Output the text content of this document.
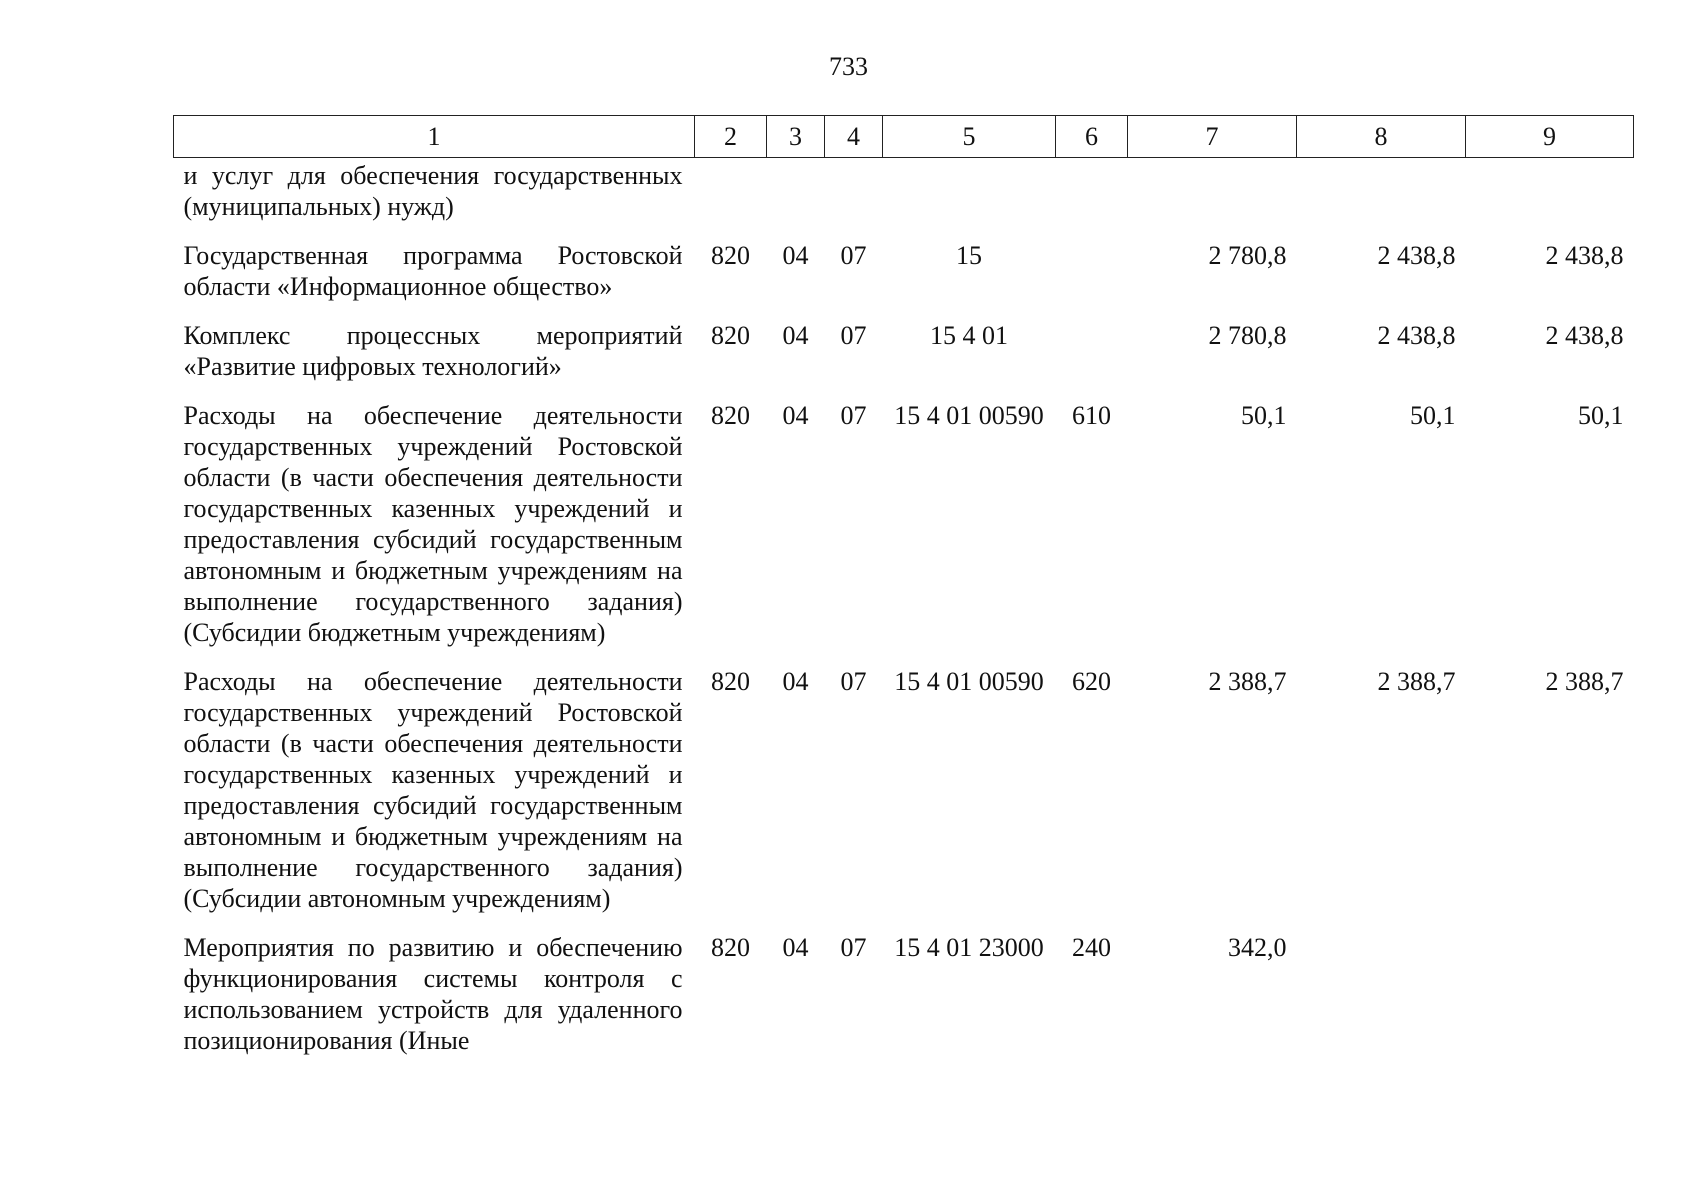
733
1	2	3	4	5	6	7	8	9
и услуг для обеспечения государственных (муниципальных) нужд)								
Государственная программа Ростовской области «Информационное общество»	820	04	07	15		2 780,8	2 438,8	2 438,8
Комплекс процессных мероприятий «Развитие цифровых технологий»	820	04	07	15 4 01		2 780,8	2 438,8	2 438,8
Расходы на обеспечение деятельности государственных учреждений Ростовской области (в части обеспечения деятельности государственных казенных учреждений и предоставления субсидий государственным автономным и бюджетным учреждениям на выполнение государственного задания) (Субсидии бюджетным учреждениям)	820	04	07	15 4 01 00590	610	50,1	50,1	50,1
Расходы на обеспечение деятельности государственных учреждений Ростовской области (в части обеспечения деятельности государственных казенных учреждений и предоставления субсидий государственным автономным и бюджетным учреждениям на выполнение государственного задания) (Субсидии автономным учреждениям)	820	04	07	15 4 01 00590	620	2 388,7	2 388,7	2 388,7
Мероприятия по развитию и обеспечению функционирования системы контроля с использованием устройств для удаленного позиционирования (Иные	820	04	07	15 4 01 23000	240	342,0		
